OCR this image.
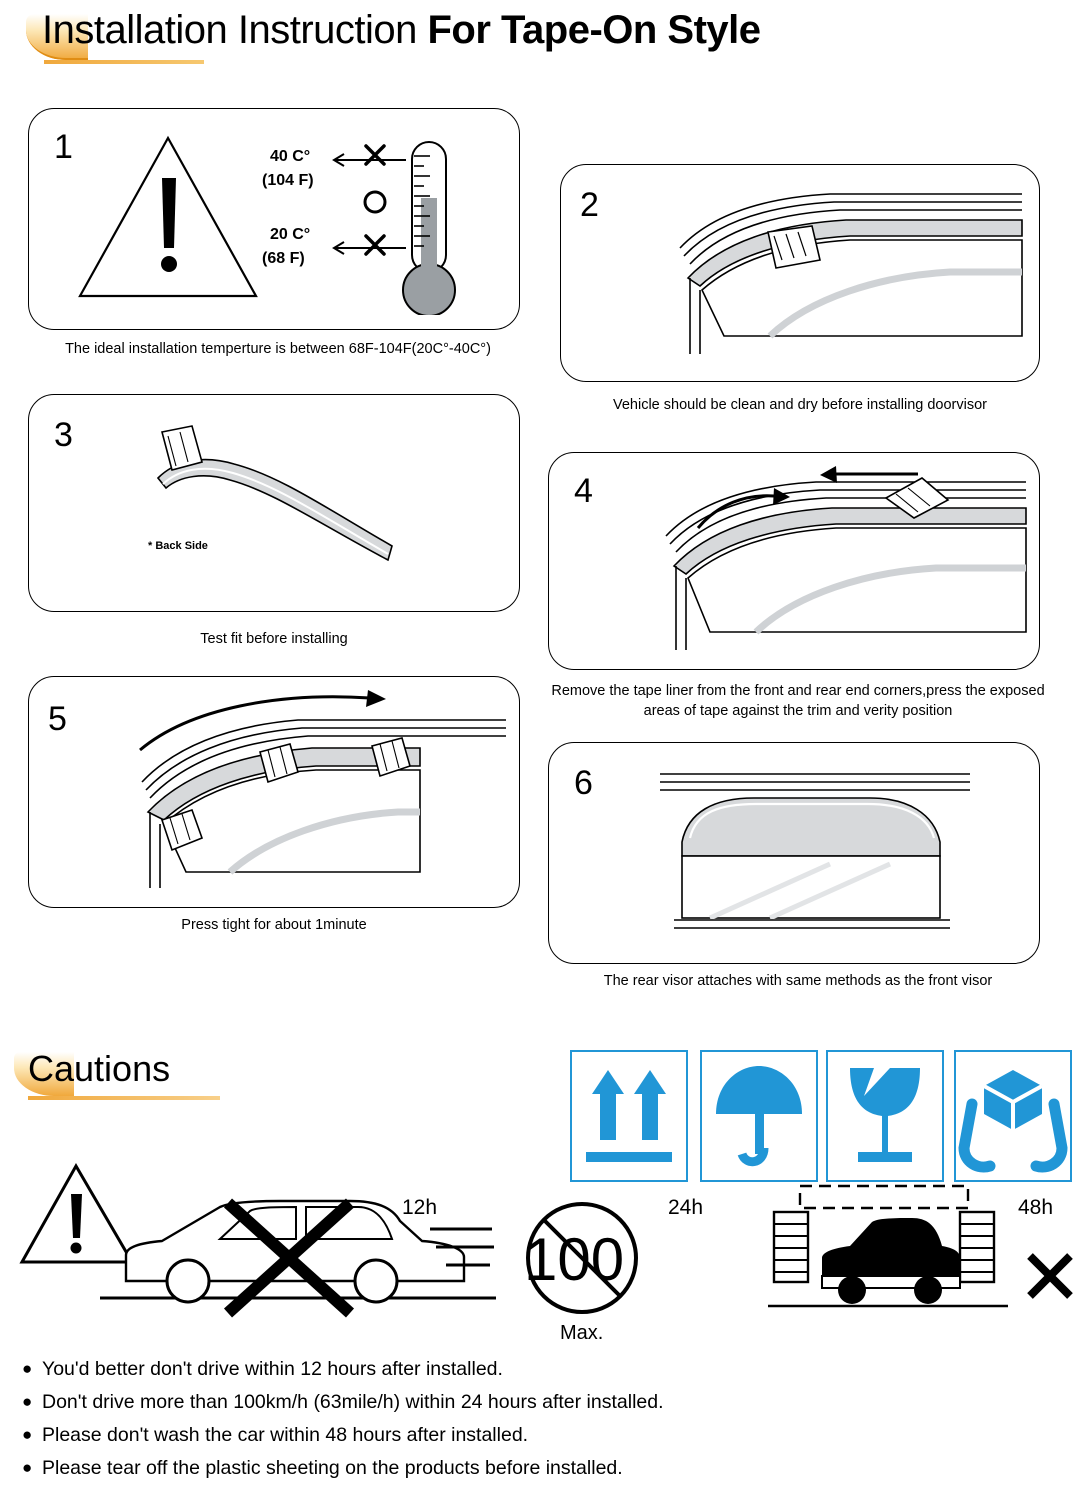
Installation Instruction For Tape-On Style
1	40 C°
(104 F)
20 C°
(68 F)
The ideal installation temperture is between 68F-104F(20C°-40C°)
2
Vehicle should be clean and dry before installing doorvisor
3
* Back Side
Test fit before installing
4
Remove the tape liner from the front and rear end corners,press the exposed areas of tape against the trim and verity position
5
Press tight for about 1minute
6
The rear visor attaches with same methods as the front visor
Cautions
12h
100
Max.
24h	48h
● You'd better don't drive within 12 hours after installed.
● Don't drive more than 100km/h (63mile/h) within 24 hours after installed.
● Please don't wash the car within 48 hours after installed.
● Please tear off the plastic sheeting on the products before installed.
